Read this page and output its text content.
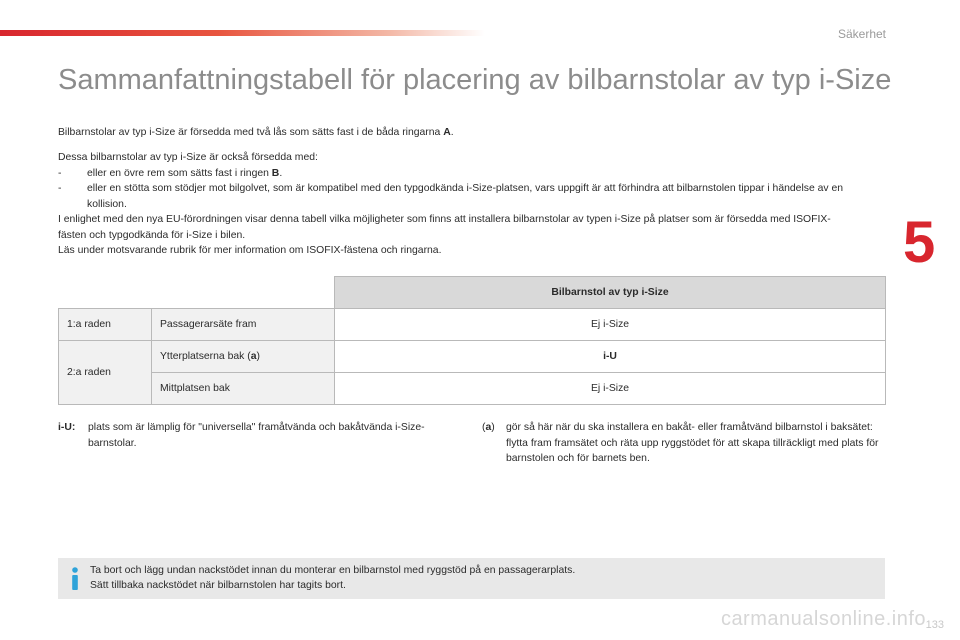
Säkerhet
5
Sammanfattningstabell för placering av bilbarnstolar av typ i-Size
Bilbarnstolar av typ i-Size är försedda med två lås som sätts fast i de båda ringarna A.
Dessa bilbarnstolar av typ i-Size är också försedda med:
- eller en övre rem som sätts fast i ringen B.
- eller en stötta som stödjer mot bilgolvet, som är kompatibel med den typgodkända i-Size-platsen, vars uppgift är att förhindra att bilbarnstolen tippar i händelse av en kollision.
I enlighet med den nya EU-förordningen visar denna tabell vilka möjligheter som finns att installera bilbarnstolar av typen i-Size på platser som är försedda med ISOFIX-fästen och typgodkända för i-Size i bilen.
Läs under motsvarande rubrik för mer information om ISOFIX-fästena och ringarna.
		Bilbarnstol av typ i-Size
1:a raden	Passagerarsäte fram	Ej i-Size
2:a raden	Ytterplatserna bak (a)	i-U
	Mittplatsen bak	Ej i-Size
i-U:	plats som är lämplig för "universella" framåtvända och bakåtvända i-Size-barnstolar.
(a)	gör så här när du ska installera en bakåt- eller framåtvänd bilbarnstol i baksätet: flytta fram framsätet och räta upp ryggstödet för att skapa tillräckligt med plats för barnstolen och för barnets ben.
Ta bort och lägg undan nackstödet innan du monterar en bilbarnstol med ryggstöd på en passagerarplats.
Sätt tillbaka nackstödet när bilbarnstolen har tagits bort.
carmanualsonline.info 133
